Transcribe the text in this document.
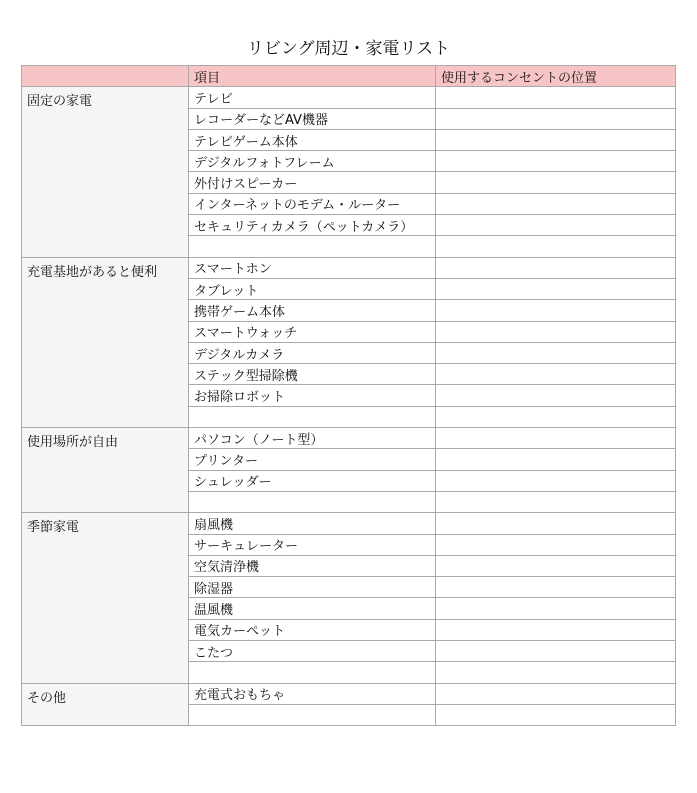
リビング周辺・家電リスト
	項目	使用するコンセントの位置
固定の家電	テレビ	
	レコーダーなどAV機器	
	テレビゲーム本体	
	デジタルフォトフレーム	
	外付けスピーカー	
	インターネットのモデム・ルーター	
	セキュリティカメラ（ペットカメラ）	

充電基地があると便利	スマートホン	
	タブレット	
	携帯ゲーム本体	
	スマートウォッチ	
	デジタルカメラ	
	ステック型掃除機	
	お掃除ロボット	

使用場所が自由	パソコン（ノート型）	
	プリンター	
	シュレッダー	

季節家電	扇風機	
	サーキュレーター	
	空気清浄機	
	除湿器	
	温風機	
	電気カーペット	
	こたつ	

その他	充電式おもちゃ	
